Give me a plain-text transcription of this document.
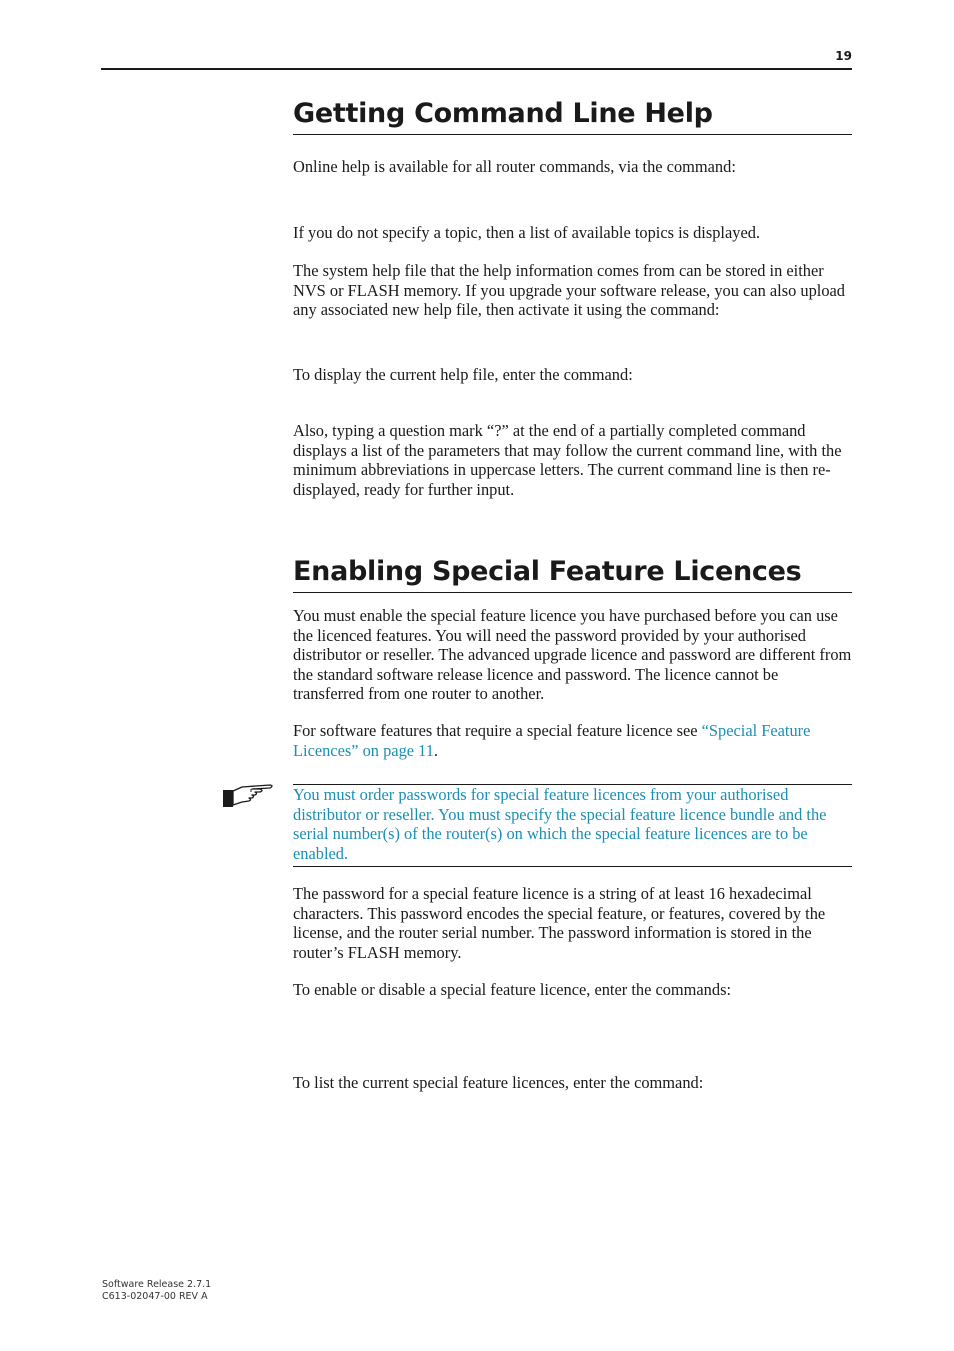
19
Getting Command Line Help

Online help is available for all router commands, via the command:

If you do not specify a topic, then a list of available topics is displayed.

The system help file that the help information comes from can be stored in either NVS or FLASH memory. If you upgrade your software release, you can also upload any associated new help file, then activate it using the command:

To display the current help file, enter the command:

Also, typing a question mark “?” at the end of a partially completed command displays a list of the parameters that may follow the current command line, with the minimum abbreviations in uppercase letters. The current command line is then re-displayed, ready for further input.

Enabling Special Feature Licences

You must enable the special feature licence you have purchased before you can use the licenced features. You will need the password provided by your authorised distributor or reseller. The advanced upgrade licence and password are different from the standard software release licence and password. The licence cannot be transferred from one router to another.

For software features that require a special feature licence see “Special Feature Licences” on page 11.

The password for a special feature licence is a string of at least 16 hexadecimal characters. This password encodes the special feature, or features, covered by the license, and the router serial number. The password information is stored in the router’s FLASH memory.

To enable or disable a special feature licence, enter the commands:

To list the current special feature licences, enter the command:

You must order passwords for special feature licences from your authorised distributor or reseller. You must specify the special feature licence bundle and the serial number(s) of the router(s) on which the special feature licences are to be enabled.

Software Release 2.7.1
C613-02047-00 REV A
